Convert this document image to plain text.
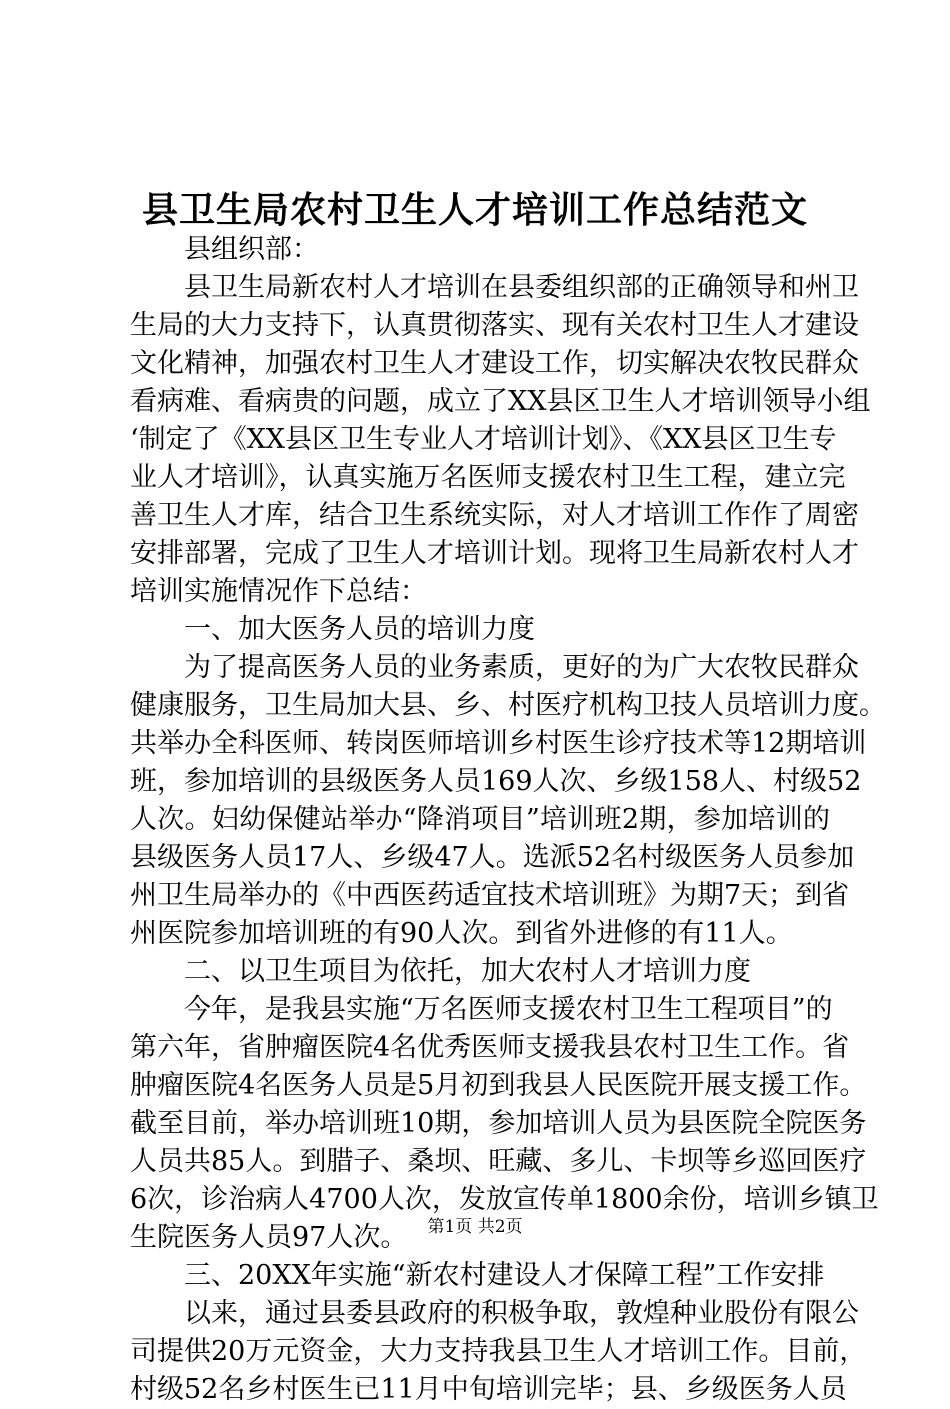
县卫生局农村卫生人才培训工作总结范文
县组织部：
县卫生局新农村人才培训在县委组织部的正确领导和州卫
生局的大力支持下，认真贯彻落实、现有关农村卫生人才建设
文化精神，加强农村卫生人才建设工作，切实解决农牧民群众
看病难、看病贵的问题，成立了XX县区卫生人才培训领导小组
‘制定了《XX县区卫生专业人才培训计划》、《XX县区卫生专
业人才培训》，认真实施万名医师支援农村卫生工程，建立完
善卫生人才库，结合卫生系统实际，对人才培训工作作了周密
安排部署，完成了卫生人才培训计划。现将卫生局新农村人才
培训实施情况作下总结：
一、加大医务人员的培训力度
为了提高医务人员的业务素质，更好的为广大农牧民群众
健康服务，卫生局加大县、乡、村医疗机构卫技人员培训力度。
共举办全科医师、转岗医师培训乡村医生诊疗技术等12期培训
班，参加培训的县级医务人员169人次、乡级158人、村级52
人次。妇幼保健站举办“降消项目”培训班2期，参加培训的
县级医务人员17人、乡级47人。选派52名村级医务人员参加
州卫生局举办的《中西医药适宜技术培训班》为期7天；到省
州医院参加培训班的有90人次。到省外进修的有11人。
二、以卫生项目为依托，加大农村人才培训力度
今年，是我县实施“万名医师支援农村卫生工程项目”的
第六年，省肿瘤医院4名优秀医师支援我县农村卫生工作。省
肿瘤医院4名医务人员是5月初到我县人民医院开展支援工作。
截至目前，举办培训班10期，参加培训人员为县医院全院医务
人员共85人。到腊子、桑坝、旺藏、多儿、卡坝等乡巡回医疗
6次，诊治病人4700人次，发放宣传单1800余份，培训乡镇卫
生院医务人员97人次。
三、20XX年实施“新农村建设人才保障工程”工作安排
以来，通过县委县政府的积极争取，敦煌种业股份有限公
司提供20万元资金，大力支持我县卫生人才培训工作。目前，
村级52名乡村医生已11月中旬培训完毕；县、乡级医务人员
第1页 共2页
